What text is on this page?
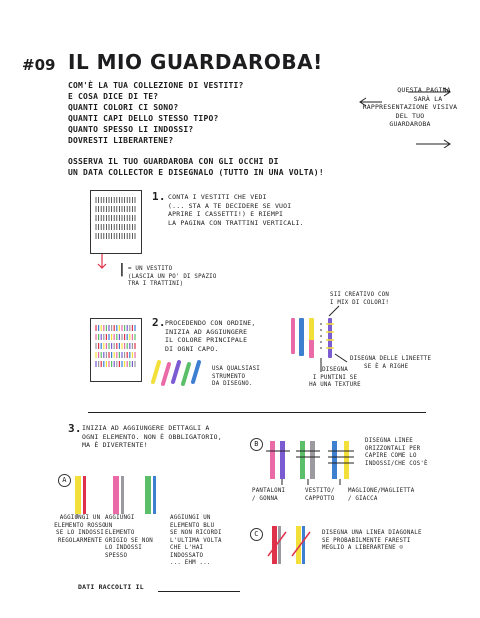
#09 IL MIO GUARDAROBA!
COM'È LA TUA COLLEZIONE DI VESTITI?
E COSA DICE DI TE?
QUANTI COLORI CI SONO?
QUANTI CAPI DELLO STESSO TIPO?
QUANTO SPESSO LI INDOSSI?
DOVRESTI LIBERARTENE?
QUESTA PAGINA
SARÀ LA
RAPPRESENTAZIONE VISIVA
DEL TUO
GUARDAROBA
OSSERVA IL TUO GUARDAROBA CON GLI OCCHI DI
UN DATA COLLECTOR E DISEGNALO (TUTTO IN UNA VOLTA)!
1. CONTA I VESTITI CHE VEDI
(... STA A TE DECIDERE SE VUOI
APRIRE I CASSETTI!) E RIEMPI
LA PAGINA CON TRATTINI VERTICALI.
| = UN VESTITO
(LASCIA UN PO' DI SPAZIO
TRA I TRATTINI)
2. PROCEDENDO CON ORDINE,
INIZIA AD AGGIUNGERE
IL COLORE PRINCIPALE
DI OGNI CAPO.
USA QUALSIASI
STRUMENTO
DA DISEGNO.
SII CREATIVO CON
I MIX DI COLORI!
DISEGNA
I PUNTINI SE
HA UNA TEXTURE
DISEGNA DELLE LINEETTE
SE È A RIGHE
3. INIZIA AD AGGIUNGERE DETTAGLI A
OGNI ELEMENTO. NON È OBBLIGATORIO,
MA È DIVERTENTE!
A
AGGIUNGI UN
ELEMENTO ROSSO
SE LO INDOSSI
REGOLARMENTE
AGGIUNGI
UN
ELEMENTO
GRIGIO SE NON
LO INDOSSI
SPESSO
AGGIUNGI UN
ELEMENTO BLU
SE NON RICORDI
L'ULTIMA VOLTA
CHE L'HAI
INDOSSATO
... EHM ...
B	DISEGNA LINEE
ORIZZONTALI PER
CAPIRE COME LO
INDOSSI/CHE COS'È
PANTALONI
/ GONNA
VESTITO/
CAPPOTTO
MAGLIONE/MAGLIETTA
/ GIACCA
C	DISEGNA UNA LINEA DIAGONALE
SE PROBABILMENTE FARESTI
MEGLIO A LIBERARTENE ☺
DATI RACCOLTI IL
